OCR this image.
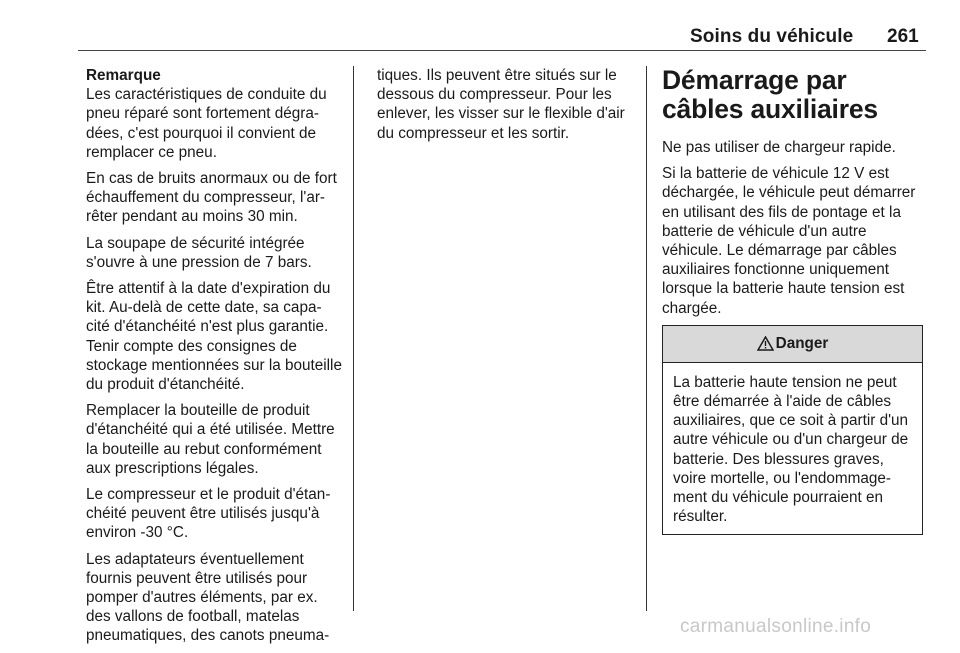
Soins du véhicule 261
Remarque

Les caractéristiques de conduite du pneu réparé sont fortement dégra-dées, c'est pourquoi il convient de remplacer ce pneu.

En cas de bruits anormaux ou de fort échauffement du compresseur, l'ar-rêter pendant au moins 30 min.

La soupape de sécurité intégrée s'ouvre à une pression de 7 bars.

Être attentif à la date d'expiration du kit. Au-delà de cette date, sa capa-cité d'étanchéité n'est plus garantie. Tenir compte des consignes de stockage mentionnées sur la bouteille du produit d'étanchéité.

Remplacer la bouteille de produit d'étanchéité qui a été utilisée. Mettre la bouteille au rebut conformément aux prescriptions légales.

Le compresseur et le produit d'étan-chéité peuvent être utilisés jusqu'à environ -30 °C.

Les adaptateurs éventuellement fournis peuvent être utilisés pour pomper d'autres éléments, par ex. des vallons de football, matelas pneumatiques, des canots pneuma-

tiques. Ils peuvent être situés sur le dessous du compresseur. Pour les enlever, les visser sur le flexible d'air du compresseur et les sortir.

Démarrage par câbles auxiliaires

Ne pas utiliser de chargeur rapide.

Si la batterie de véhicule 12 V est déchargée, le véhicule peut démarrer en utilisant des fils de pontage et la batterie de véhicule d'un autre véhicule. Le démarrage par câbles auxiliaires fonctionne uniquement lorsque la batterie haute tension est chargée.

Danger
La batterie haute tension ne peut être démarrée à l'aide de câbles auxiliaires, que ce soit à partir d'un autre véhicule ou d'un chargeur de batterie. Des blessures graves, voire mortelle, ou l'endommage-ment du véhicule pourraient en résulter.
carmanualsonline.info
